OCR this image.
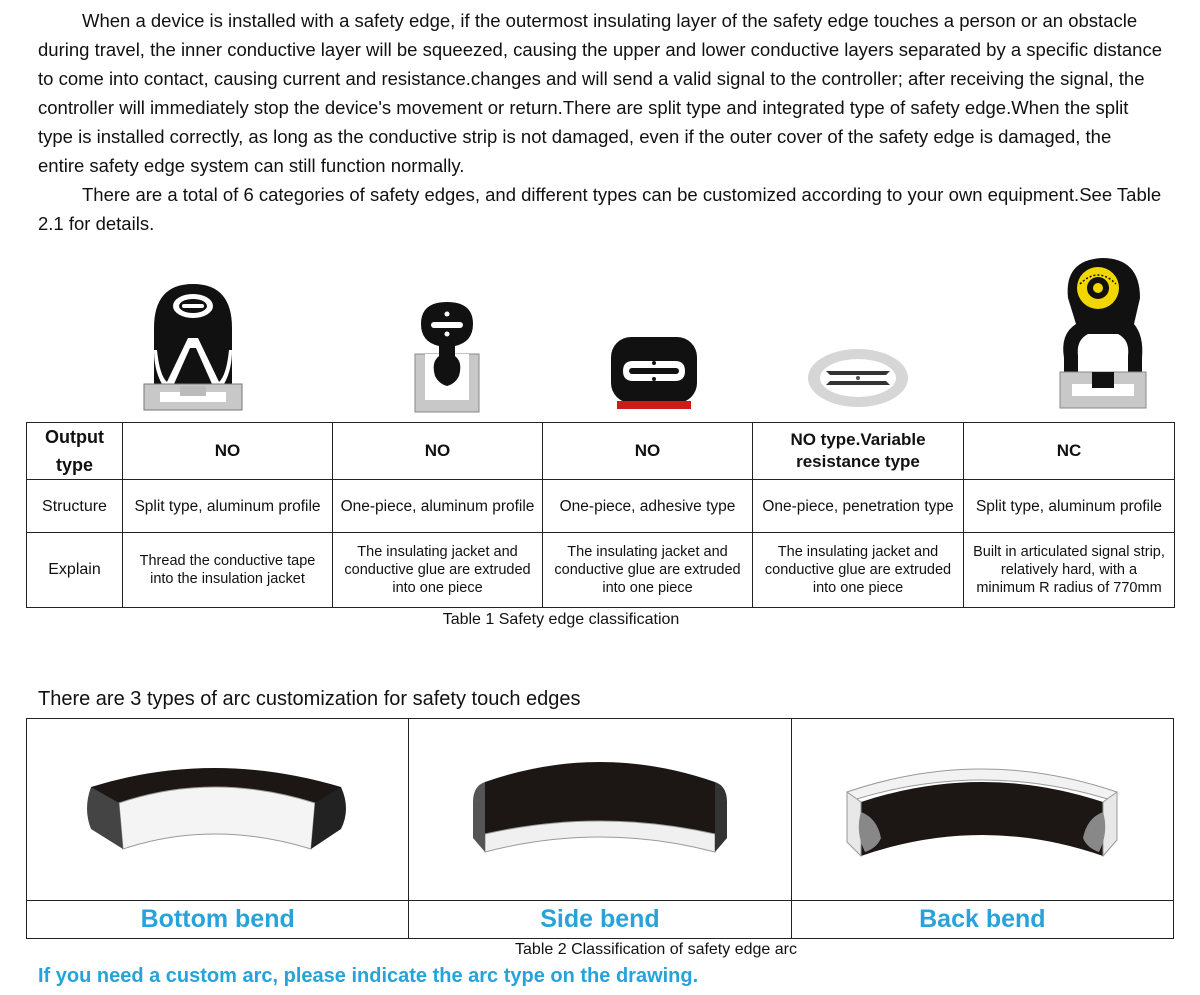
When a device is installed with a safety edge, if the outermost insulating layer of the safety edge touches a person or an obstacle during travel, the inner conductive layer will be squeezed, causing the upper and lower conductive layers separated by a specific distance to come into contact, causing current and resistance.changes and will send a valid signal to the controller; after receiving the signal, the controller will immediately stop the device's movement or return.There are split type and integrated type of safety edge.When the split type is installed correctly, as long as the conductive strip is not damaged, even if the outer cover of the safety edge is damaged, the entire safety edge system can still function normally.

There are a total of 6 categories of safety edges, and different types can be customized according to your own equipment.See Table 2.1 for details.

Output type	NO	NO	NO	NO type.Variable resistance type	NC
Structure	Split type, aluminum profile	One-piece, aluminum profile	One-piece, adhesive type	One-piece, penetration type	Split type, aluminum profile
Explain	Thread the conductive tape into the insulation jacket	The insulating jacket and conductive glue are extruded into one piece	The insulating jacket and conductive glue are extruded into one piece	The insulating jacket and conductive glue are extruded into one piece	Built in articulated signal strip, relatively hard, with a minimum R radius of 770mm
Table 1 Safety edge classification
There are 3 types of arc customization for safety touch edges

Bottom bend	Side bend	Back bend
Table 2 Classification of safety edge arc
If you need a custom arc, please indicate the arc type on the drawing.
